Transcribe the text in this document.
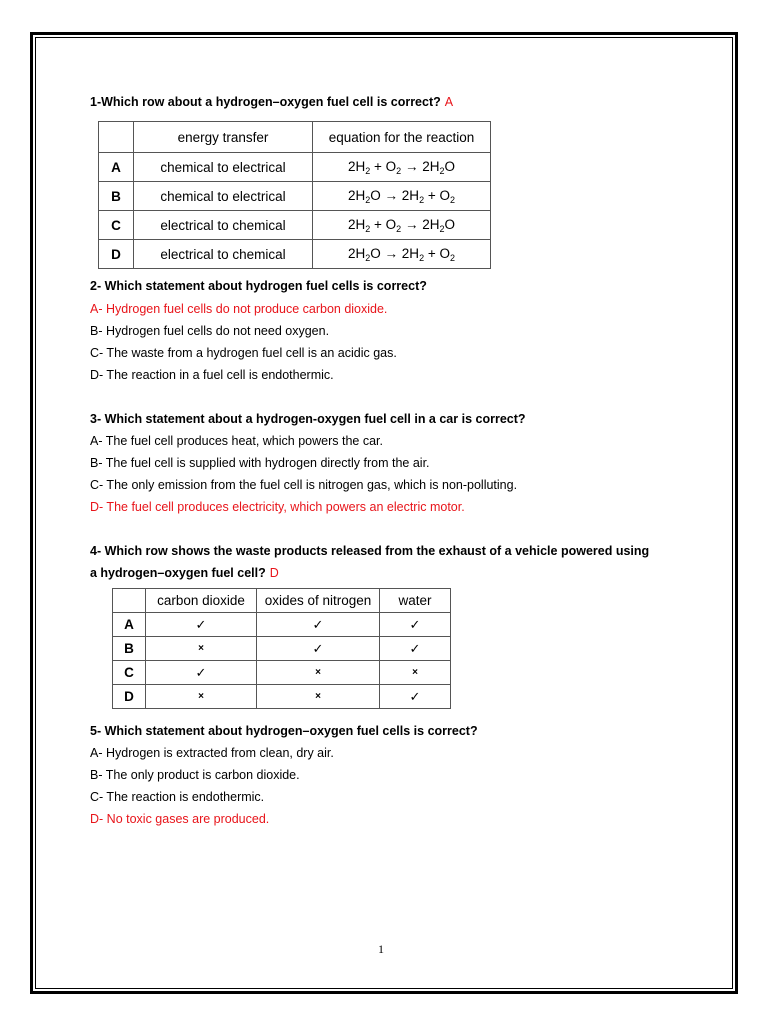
1-Which row about a hydrogen–oxygen fuel cell is correct? A
	energy transfer	equation for the reaction
A	chemical to electrical	$2H_2 + O_2 \to 2H_2O$
B	chemical to electrical	$2H_2O \to 2H_2 + O_2$
C	electrical to chemical	$2H_2 + O_2 \to 2H_2O$
D	electrical to chemical	$2H_2O \to 2H_2 + O_2$
2- Which statement about hydrogen fuel cells is correct?
A- Hydrogen fuel cells do not produce carbon dioxide.
B- Hydrogen fuel cells do not need oxygen.
C- The waste from a hydrogen fuel cell is an acidic gas.
D- The reaction in a fuel cell is endothermic.
3- Which statement about a hydrogen-oxygen fuel cell in a car is correct?
A- The fuel cell produces heat, which powers the car.
B- The fuel cell is supplied with hydrogen directly from the air.
C- The only emission from the fuel cell is nitrogen gas, which is non-polluting.
D- The fuel cell produces electricity, which powers an electric motor.
4- Which row shows the waste products released from the exhaust of a vehicle powered using
a hydrogen–oxygen fuel cell? D
	carbon dioxide	oxides of nitrogen	water
A	✓	✓	✓
B	×	✓	✓
C	✓	×	×
D	×	×	✓
5- Which statement about hydrogen–oxygen fuel cells is correct?
A- Hydrogen is extracted from clean, dry air.
B- The only product is carbon dioxide.
C- The reaction is endothermic.
D- No toxic gases are produced.
1
